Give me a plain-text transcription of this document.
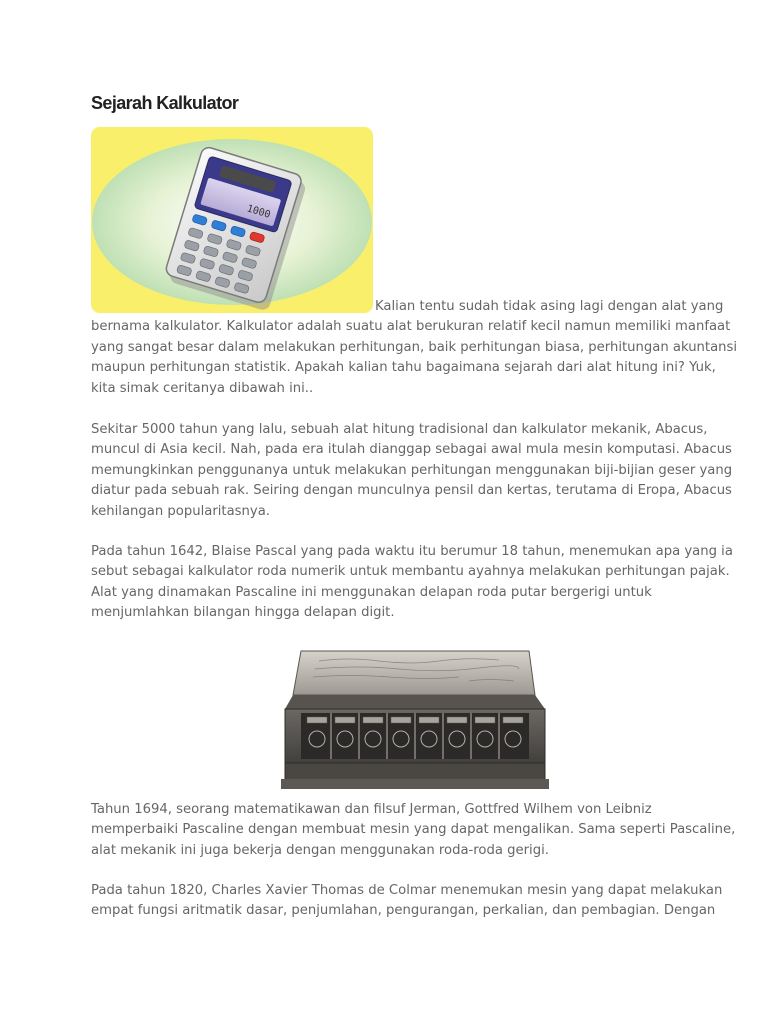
Sejarah Kalkulator

1000
Kalian tentu sudah tidak asing lagi dengan alat yang bernama kalkulator. Kalkulator adalah suatu alat berukuran relatif kecil namun memiliki manfaat yang sangat besar dalam melakukan perhitungan, baik perhitungan biasa, perhitungan akuntansi maupun perhitungan statistik. Apakah kalian tahu bagaimana sejarah dari alat hitung ini? Yuk, kita simak ceritanya dibawah ini..

Sekitar 5000 tahun yang lalu, sebuah alat hitung tradisional dan kalkulator mekanik, Abacus, muncul di Asia kecil. Nah, pada era itulah dianggap sebagai awal mula mesin komputasi. Abacus memungkinkan penggunanya untuk melakukan perhitungan menggunakan biji-bijian geser yang diatur pada sebuah rak. Seiring dengan munculnya pensil dan kertas, terutama di Eropa, Abacus kehilangan popularitasnya.

Pada tahun 1642, Blaise Pascal yang pada waktu itu berumur 18 tahun, menemukan apa yang ia sebut sebagai kalkulator roda numerik untuk membantu ayahnya melakukan perhitungan pajak. Alat yang dinamakan Pascaline ini menggunakan delapan roda putar bergerigi untuk menjumlahkan bilangan hingga delapan digit.

Tahun 1694, seorang matematikawan dan filsuf Jerman, Gottfred Wilhem von Leibniz memperbaiki Pascaline dengan membuat mesin yang dapat mengalikan. Sama seperti Pascaline, alat mekanik ini juga bekerja dengan menggunakan roda-roda gerigi.

Pada tahun 1820, Charles Xavier Thomas de Colmar menemukan mesin yang dapat melakukan empat fungsi aritmatik dasar, penjumlahan, pengurangan, perkalian, dan pembagian. Dengan
